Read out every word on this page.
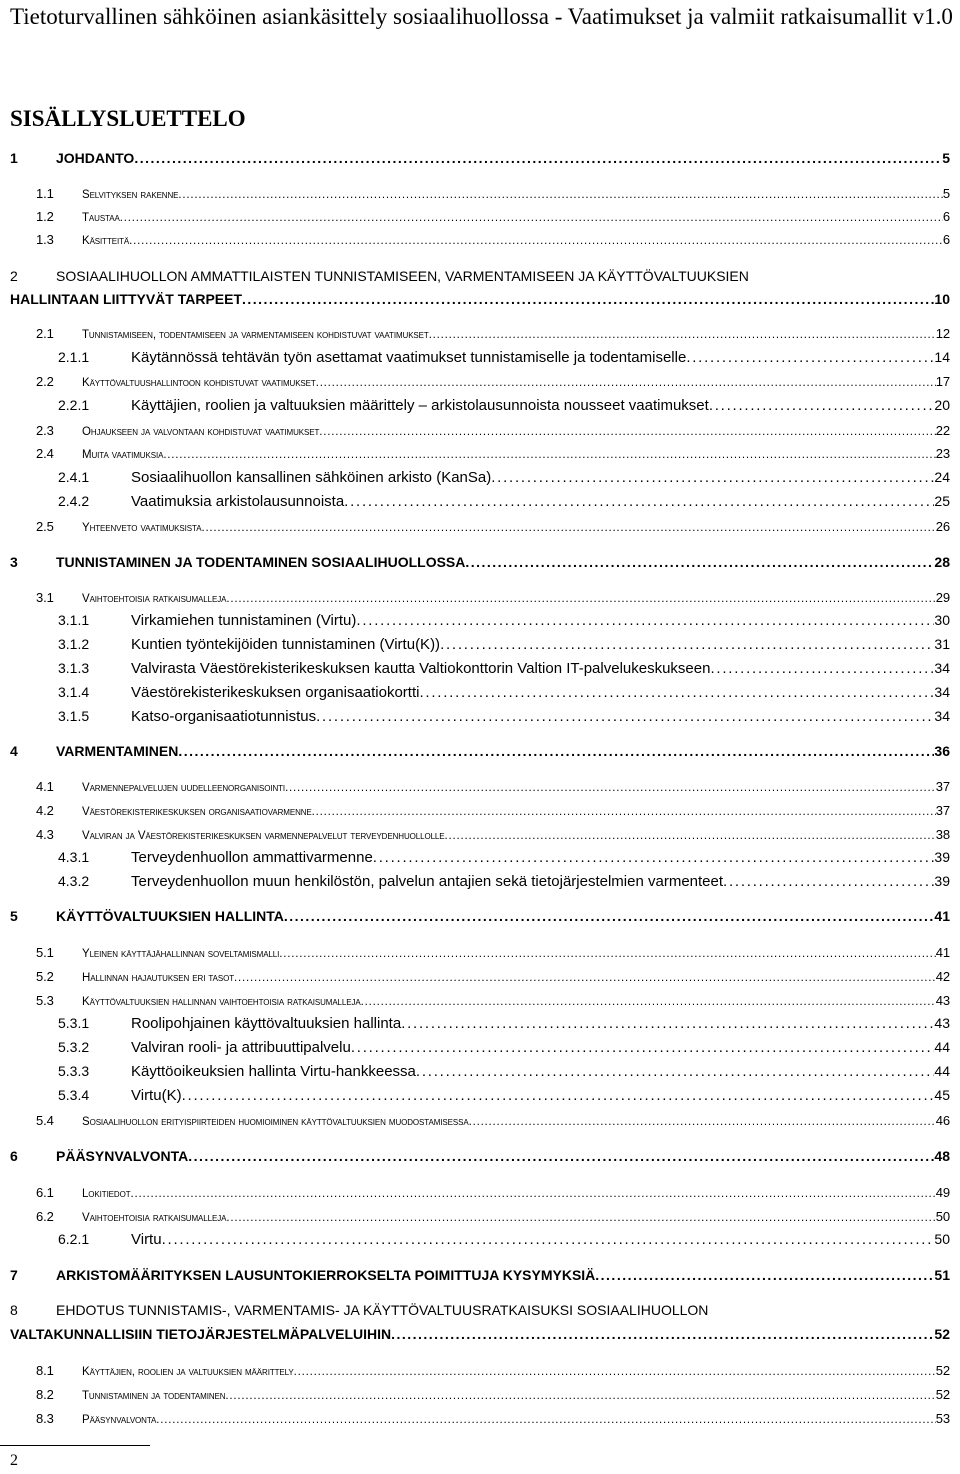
Tietoturvallinen sähköinen asiankäsittely sosiaalihuollossa - Vaatimukset ja valmiit ratkaisumallit v1.0
SISÄLLYSLUETTELO
1	JOHDANTO . . .	5
1.1	Selvityksen rakenne . . .	5
1.2	Taustaa . . .	6
1.3	Käsitteitä . . .	6
2	SOSIAALIHUOLLON AMMATTILAISTEN TUNNISTAMISEEN, VARMENTAMISEEN JA KÄYTTÖVALTUUKSIEN
HALLINTAAN LIITTYVÄT TARPEET . . .	10
2.1	Tunnistamiseen, todentamiseen ja varmentamiseen kohdistuvat vaatimukset . . .	12
2.1.1	Käytännössä tehtävän työn asettamat vaatimukset tunnistamiselle ja todentamiselle . . .	14
2.2	Käyttövaltuushallintoon kohdistuvat vaatimukset . . .	17
2.2.1	Käyttäjien, roolien ja valtuuksien määrittely – arkistolausunnoista nousseet vaatimukset . . .	20
2.3	Ohjaukseen ja valvontaan kohdistuvat vaatimukset . . .	22
2.4	Muita vaatimuksia . . .	23
2.4.1	Sosiaalihuollon kansallinen sähköinen arkisto (KanSa) . . .	24
2.4.2	Vaatimuksia arkistolausunnoista . . .	25
2.5	Yhteenveto vaatimuksista . . .	26
3	TUNNISTAMINEN JA TODENTAMINEN SOSIAALIHUOLLOSSA . . .	28
3.1	Vaihtoehtoisia ratkaisumalleja . . .	29
3.1.1	Virkamiehen tunnistaminen (Virtu) . . .	30
3.1.2	Kuntien työntekijöiden tunnistaminen (Virtu(K)) . . .	31
3.1.3	Valvirasta Väestörekisterikeskuksen kautta Valtiokonttorin Valtion IT-palvelukeskukseen . . .	34
3.1.4	Väestörekisterikeskuksen organisaatiokortti . . .	34
3.1.5	Katso-organisaatiotunnistus . . .	34
4	VARMENTAMINEN . . .	36
4.1	Varmennepalvelujen uudelleenorganisointi . . .	37
4.2	Väestörekisterikeskuksen organisaatiovarmenne . . .	37
4.3	Valviran ja Väestörekisterikeskuksen varmennepalvelut terveydenhuollolle . . .	38
4.3.1	Terveydenhuollon ammattivarmenne . . .	39
4.3.2	Terveydenhuollon muun henkilöstön, palvelun antajien sekä tietojärjestelmien varmenteet . . .	39
5	KÄYTTÖVALTUUKSIEN HALLINTA . . .	41
5.1	Yleinen käyttäjähallinnan soveltamismalli . . .	41
5.2	Hallinnan hajautuksen eri tasot . . .	42
5.3	Käyttövaltuuksien hallinnan vaihtoehtoisia ratkaisumalleja . . .	43
5.3.1	Roolipohjainen käyttövaltuuksien hallinta . . .	43
5.3.2	Valviran rooli- ja attribuuttipalvelu . . .	44
5.3.3	Käyttöoikeuksien hallinta Virtu-hankkeessa . . .	44
5.3.4	Virtu(K) . . .	45
5.4	Sosiaalihuollon erityispiirteiden huomioiminen käyttövaltuuksien muodostamisessa . . .	46
6	PÄÄSYNVALVONTA . . .	48
6.1	Lokitiedot . . .	49
6.2	Vaihtoehtoisia ratkaisumalleja . . .	50
6.2.1	Virtu . . .	50
7	ARKISTOMÄÄRITYKSEN LAUSUNTOKIERROKSELTA POIMITTUJA KYSYMYKSIÄ . . .	51
8	EHDOTUS TUNNISTAMIS-, VARMENTAMIS- JA KÄYTTÖVALTUUSRATKAISUKSI SOSIAALIHUOLLON
VALTAKUNNALLISIIN TIETOJÄRJESTELMÄPALVELUIHIN . . .	52
8.1	Käyttäjien, roolien ja valtuuksien määrittely . . .	52
8.2	Tunnistaminen ja todentaminen . . .	52
8.3	Pääsynvalvonta . . .	53
2
